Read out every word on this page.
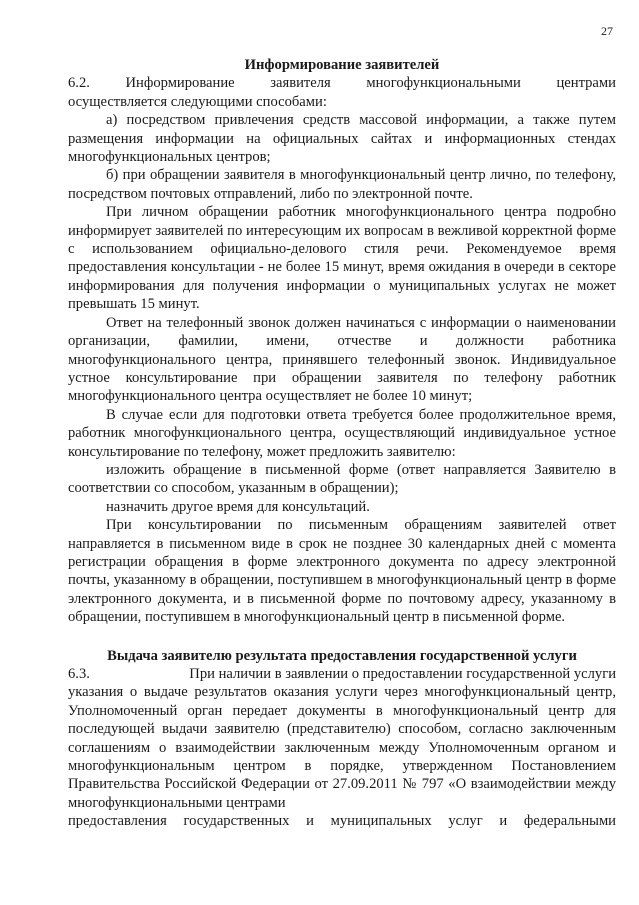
27
Информирование заявителей
6.2. Информирование заявителя многофункциональными центрами

осуществляется следующими способами:

а) посредством привлечения средств массовой информации, а также путем размещения информации на официальных сайтах и информационных стендах многофункциональных центров;

б) при обращении заявителя в многофункциональный центр лично, по телефону, посредством почтовых отправлений, либо по электронной почте.

При личном обращении работник многофункционального центра подробно информирует заявителей по интересующим их вопросам в вежливой корректной форме с использованием официально-делового стиля речи. Рекомендуемое время предоставления консультации - не более 15 минут, время ожидания в очереди в секторе информирования для получения информации о муниципальных услугах не может превышать 15 минут.

Ответ на телефонный звонок должен начинаться с информации о наименовании организации, фамилии, имени, отчестве и должности работника многофункционального центра, принявшего телефонный звонок. Индивидуальное устное консультирование при обращении заявителя по телефону работник многофункционального центра осуществляет не более 10 минут;

В случае если для подготовки ответа требуется более продолжительное время, работник многофункционального центра, осуществляющий индивидуальное устное консультирование по телефону, может предложить заявителю:

изложить обращение в письменной форме (ответ направляется Заявителю в соответствии со способом, указанным в обращении);

назначить другое время для консультаций.

При консультировании по письменным обращениям заявителей ответ направляется в письменном виде в срок не позднее 30 календарных дней с момента регистрации обращения в форме электронного документа по адресу электронной почты, указанному в обращении, поступившем в многофункциональный центр в форме электронного документа, и в письменной форме по почтовому адресу, указанному в обращении, поступившем в многофункциональный центр в письменной форме.

Выдача заявителю результата предоставления государственной услуги
6.3.	При наличии в заявлении о предоставлении государственной услуги

указания о выдаче результатов оказания услуги через многофункциональный центр, Уполномоченный орган передает документы в многофункциональный центр для последующей выдачи заявителю (представителю) способом, согласно заключенным соглашениям о взаимодействии заключенным между Уполномоченным органом и многофункциональным центром в порядке, утвержденном Постановлением Правительства Российской Федерации от 27.09.2011 № 797 «О взаимодействии между многофункциональными центрами

предоставления государственных и муниципальных услуг и федеральными
